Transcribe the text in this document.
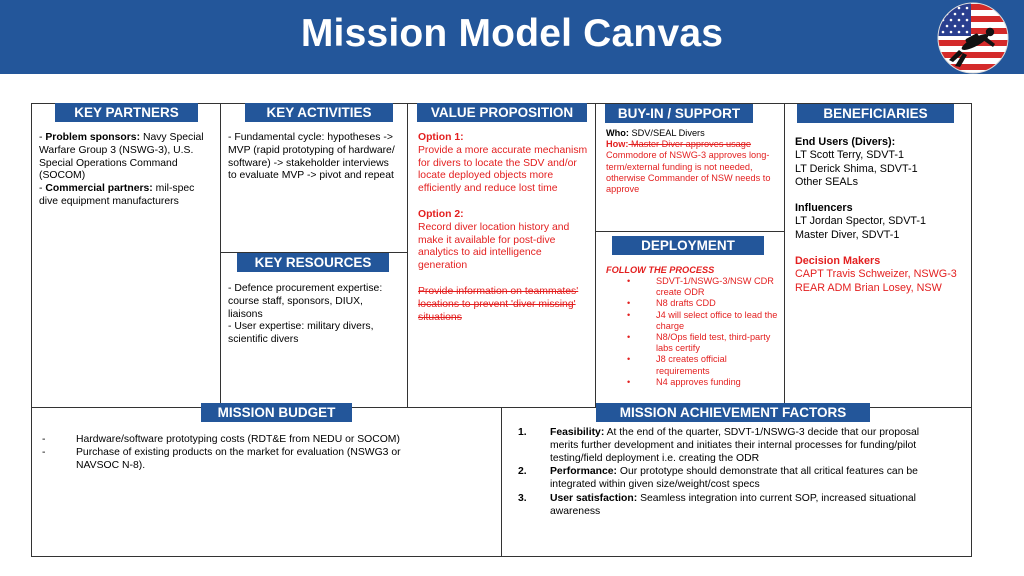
Mission Model Canvas
KEY PARTNERS	KEY ACTIVITIES	VALUE PROPOSITION	BUY-IN / SUPPORT	BENEFICIARIES
KEY RESOURCES
DEPLOYMENT
MISSION BUDGET	MISSION ACHIEVEMENT FACTORS
- Problem sponsors: Navy Special Warfare Group 3 (NSWG-3), U.S. Special Operations Command (SOCOM)
- Commercial partners: mil-spec dive equipment manufacturers
- Fundamental cycle: hypotheses -> MVP (rapid prototyping of hardware/ software) -> stakeholder interviews to evaluate MVP -> pivot and repeat
- Defence procurement expertise: course staff, sponsors, DIUX, liaisons
- User expertise: military divers, scientific divers
Option 1:
Provide a more accurate mechanism for divers to locate the SDV and/or locate deployed objects more efficiently and reduce lost time
Option 2:
Record diver location history and make it available for post-dive analytics to aid intelligence generation
Provide information on teammates' locations to prevent 'diver missing' situations
Who: SDV/SEAL Divers
How: Master Diver approves usage
Commodore of NSWG-3 approves long-term/external funding is not needed, otherwise Commander of NSW needs to approve
FOLLOW THE PROCESS
• SDVT-1/NSWG-3/NSW CDR create ODR
• N8 drafts CDD
• J4 will select office to lead the charge
• N8/Ops field test, third-party labs certify
• J8 creates official requirements
• N4 approves funding
End Users (Divers):
LT Scott Terry, SDVT-1
LT Derick Shima, SDVT-1
Other SEALs
Influencers
LT Jordan Spector, SDVT-1
Master Diver, SDVT-1
Decision Makers
CAPT Travis Schweizer, NSWG-3
REAR ADM Brian Losey, NSW
- Hardware/software prototyping costs (RDT&E from NEDU or SOCOM)
- Purchase of existing products on the market for evaluation (NSWG3 or NAVSOC N-8).
1. Feasibility: At the end of the quarter, SDVT-1/NSWG-3 decide that our proposal merits further development and initiates their internal processes for funding/pilot testing/field deployment i.e. creating the ODR
2. Performance: Our prototype should demonstrate that all critical features can be integrated within given size/weight/cost specs
3. User satisfaction: Seamless integration into current SOP, increased situational awareness
